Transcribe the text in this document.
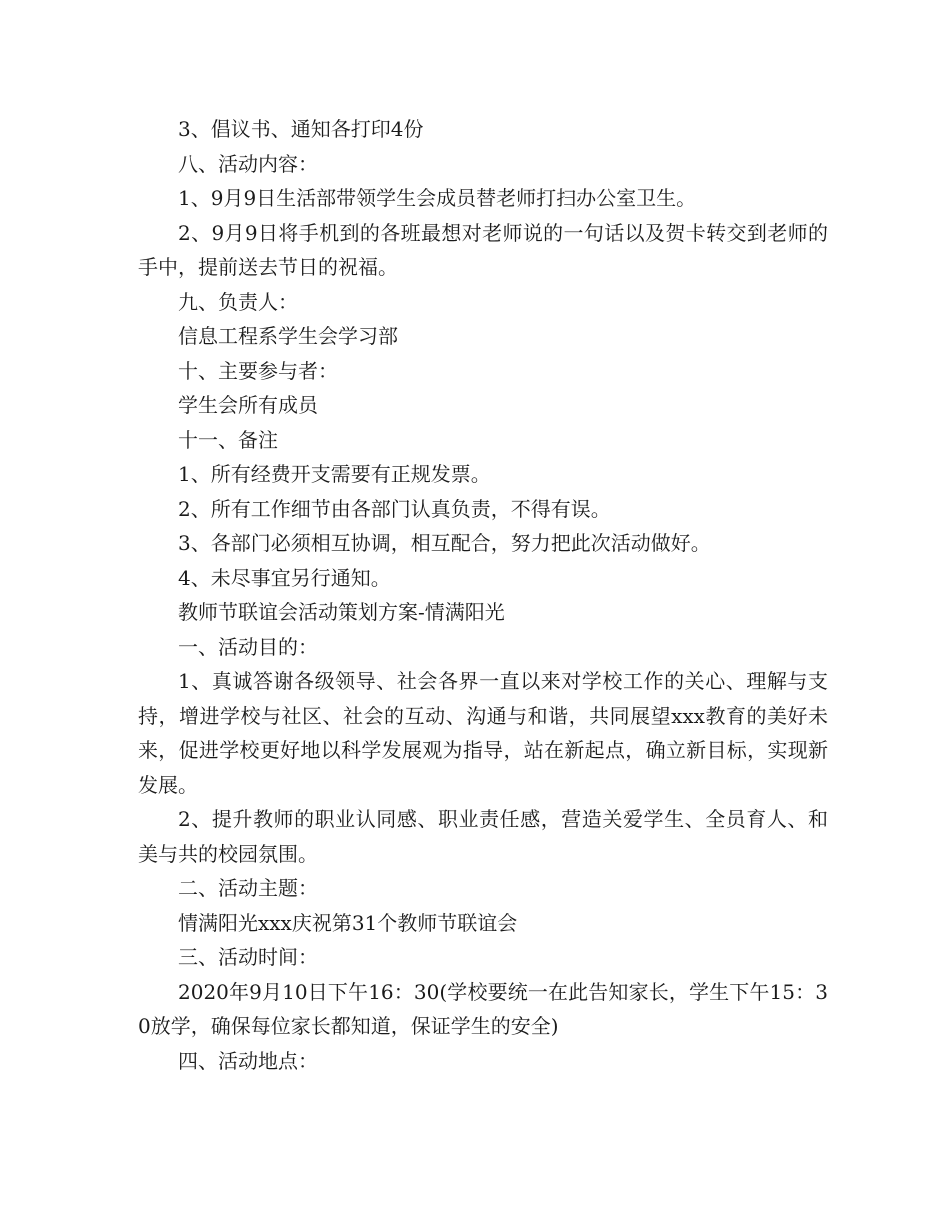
3、倡议书、通知各打印4份

八、活动内容：

1、9月9日生活部带领学生会成员替老师打扫办公室卫生。

2、9月9日将手机到的各班最想对老师说的一句话以及贺卡转交到老师的手中，提前送去节日的祝福。

九、负责人：

信息工程系学生会学习部

十、主要参与者：

学生会所有成员

十一、备注

1、所有经费开支需要有正规发票。

2、所有工作细节由各部门认真负责，不得有误。

3、各部门必须相互协调，相互配合，努力把此次活动做好。

4、未尽事宜另行通知。

教师节联谊会活动策划方案-情满阳光

一、活动目的：

1、真诚答谢各级领导、社会各界一直以来对学校工作的关心、理解与支持，增进学校与社区、社会的互动、沟通与和谐，共同展望xxx教育的美好未来，促进学校更好地以科学发展观为指导，站在新起点，确立新目标，实现新发展。

2、提升教师的职业认同感、职业责任感，营造关爱学生、全员育人、和美与共的校园氛围。

二、活动主题：

情满阳光xxx庆祝第31个教师节联谊会

三、活动时间：

2020年9月10日下午16：30(学校要统一在此告知家长，学生下午15：30放学，确保每位家长都知道，保证学生的安全)

四、活动地点：
